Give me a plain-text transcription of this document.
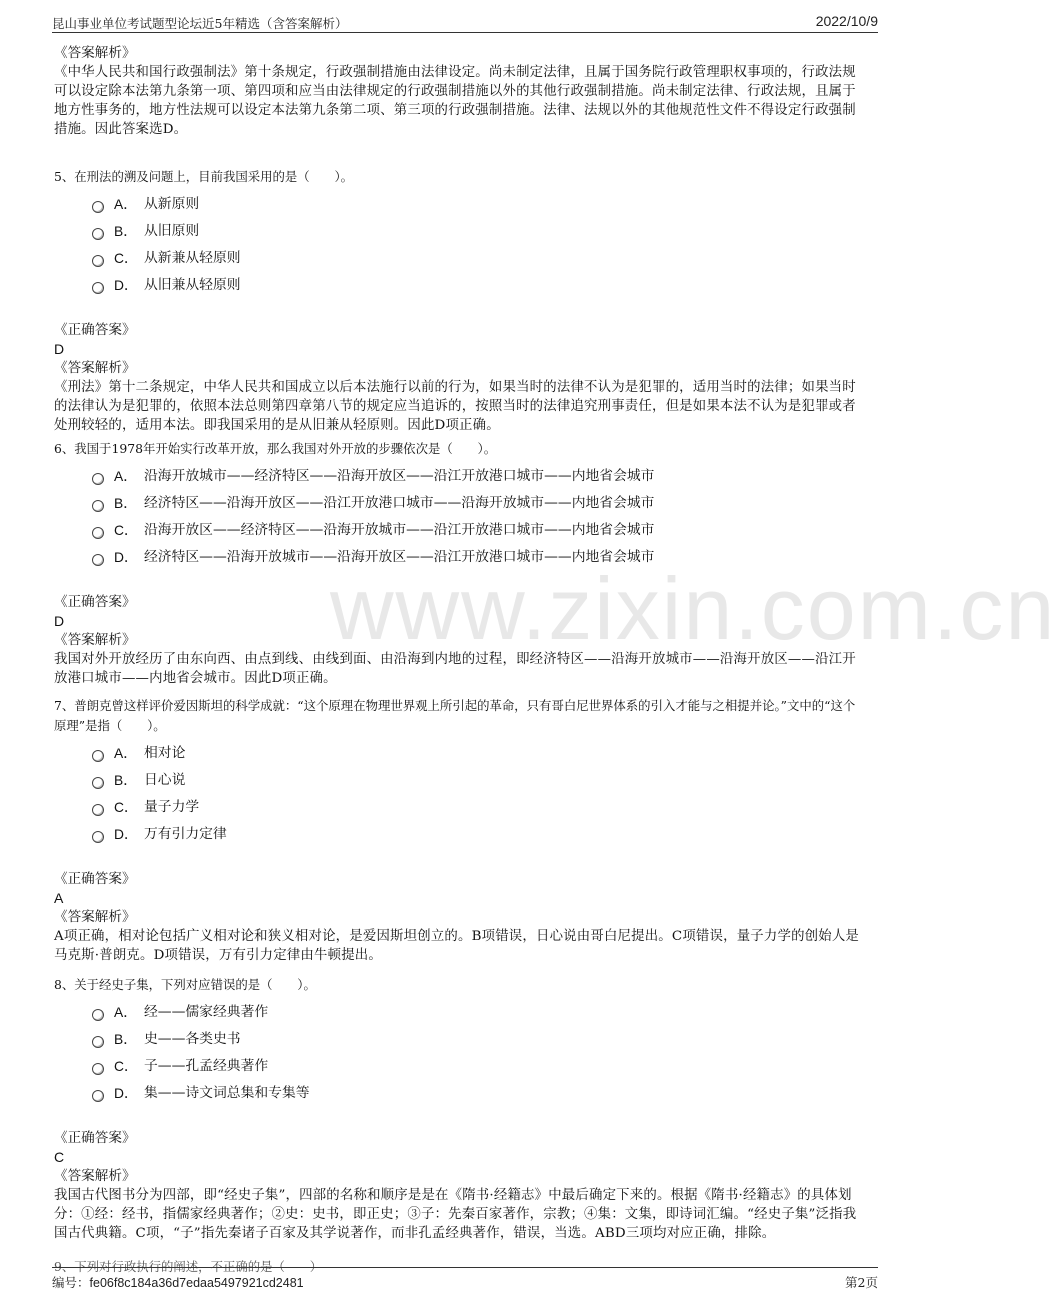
昆山事业单位考试题型论坛近5年精选（含答案解析）	2022/10/9
www.zixin.com.cn
《答案解析》

《中华人民共和国行政强制法》第十条规定，行政强制措施由法律设定。尚未制定法律，且属于国务院行政管理职权事项的，行政法规可以设定除本法第九条第一项、第四项和应当由法律规定的行政强制措施以外的其他行政强制措施。尚未制定法律、行政法规，且属于地方性事务的，地方性法规可以设定本法第九条第二项、第三项的行政强制措施。法律、法规以外的其他规范性文件不得设定行政强制措施。因此答案选D。

5、在刑法的溯及问题上，目前我国采用的是（　　）。

A． 从新原则
B． 从旧原则
C． 从新兼从轻原则
D． 从旧兼从轻原则
《正确答案》
D
《答案解析》

《刑法》第十二条规定，中华人民共和国成立以后本法施行以前的行为，如果当时的法律不认为是犯罪的，适用当时的法律；如果当时的法律认为是犯罪的，依照本法总则第四章第八节的规定应当追诉的，按照当时的法律追究刑事责任，但是如果本法不认为是犯罪或者处刑较轻的，适用本法。即我国采用的是从旧兼从轻原则。因此D项正确。

6、我国于1978年开始实行改革开放，那么我国对外开放的步骤依次是（　　）。

A． 沿海开放城市——经济特区——沿海开放区——沿江开放港口城市——内地省会城市
B． 经济特区——沿海开放区——沿江开放港口城市——沿海开放城市——内地省会城市
C． 沿海开放区——经济特区——沿海开放城市——沿江开放港口城市——内地省会城市
D． 经济特区——沿海开放城市——沿海开放区——沿江开放港口城市——内地省会城市
《正确答案》
D
《答案解析》

我国对外开放经历了由东向西、由点到线、由线到面、由沿海到内地的过程，即经济特区——沿海开放城市——沿海开放区——沿江开放港口城市——内地省会城市。因此D项正确。

7、普朗克曾这样评价爱因斯坦的科学成就：“这个原理在物理世界观上所引起的革命，只有哥白尼世界体系的引入才能与之相提并论。”文中的“这个原理”是指（　　）。

A． 相对论
B． 日心说
C． 量子力学
D． 万有引力定律
《正确答案》
A
《答案解析》

A项正确，相对论包括广义相对论和狭义相对论，是爱因斯坦创立的。B项错误，日心说由哥白尼提出。C项错误，量子力学的创始人是马克斯·普朗克。D项错误，万有引力定律由牛顿提出。

8、关于经史子集，下列对应错误的是（　　）。

A． 经——儒家经典著作
B． 史——各类史书
C． 子——孔孟经典著作
D． 集——诗文词总集和专集等
《正确答案》
C
《答案解析》

我国古代图书分为四部，即“经史子集”，四部的名称和顺序是是在《隋书·经籍志》中最后确定下来的。根据《隋书·经籍志》的具体划分：①经：经书，指儒家经典著作；②史：史书，即正史；③子：先秦百家著作，宗教；④集：文集，即诗词汇编。“经史子集”泛指我国古代典籍。C项，“子”指先秦诸子百家及其学说著作，而非孔孟经典著作，错误，当选。ABD三项均对应正确，排除。

9、下列对行政执行的阐述，不正确的是（　　）
编号：fe06f8c184a36d7edaa5497921cd2481	第2页
